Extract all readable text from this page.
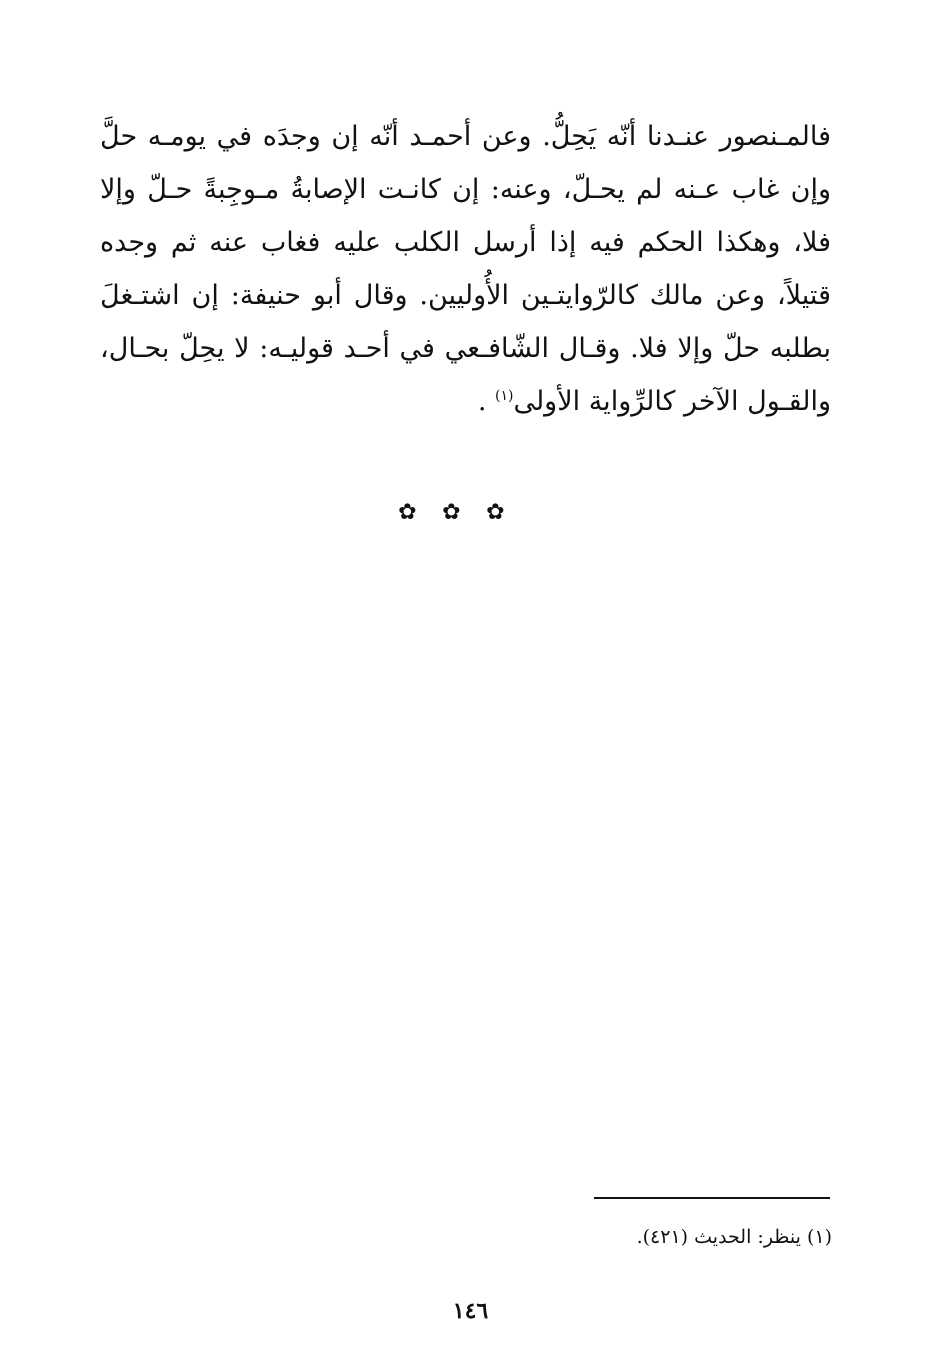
فالمـنصور عنـدنا أنّه يَحِلُّ. وعن أحمـد أنّه إن وجدَه في يومـه حلَّ وإن غاب عـنه لم يحـلّ، وعنه: إن كانـت الإصابةُ مـوجِبةً حـلّ وإلا فلا، وهكذا الحكم فيه إذا أرسل الكلب عليه فغاب عنه ثم وجده قتيلاً، وعن مالك كالرّوايتـين الأُوليين. وقال أبو حنيفة: إن اشتـغلَ بطلبه حلّ وإلا فلا. وقـال الشّافـعي في أحـد قوليـه: لا يحِلّ بحـال، والقـول الآخر كالرِّواية الأولى$^{(١)}$ .

✿✿✿

(١) ينظر: الحديث (٤٢١).

١٤٦
